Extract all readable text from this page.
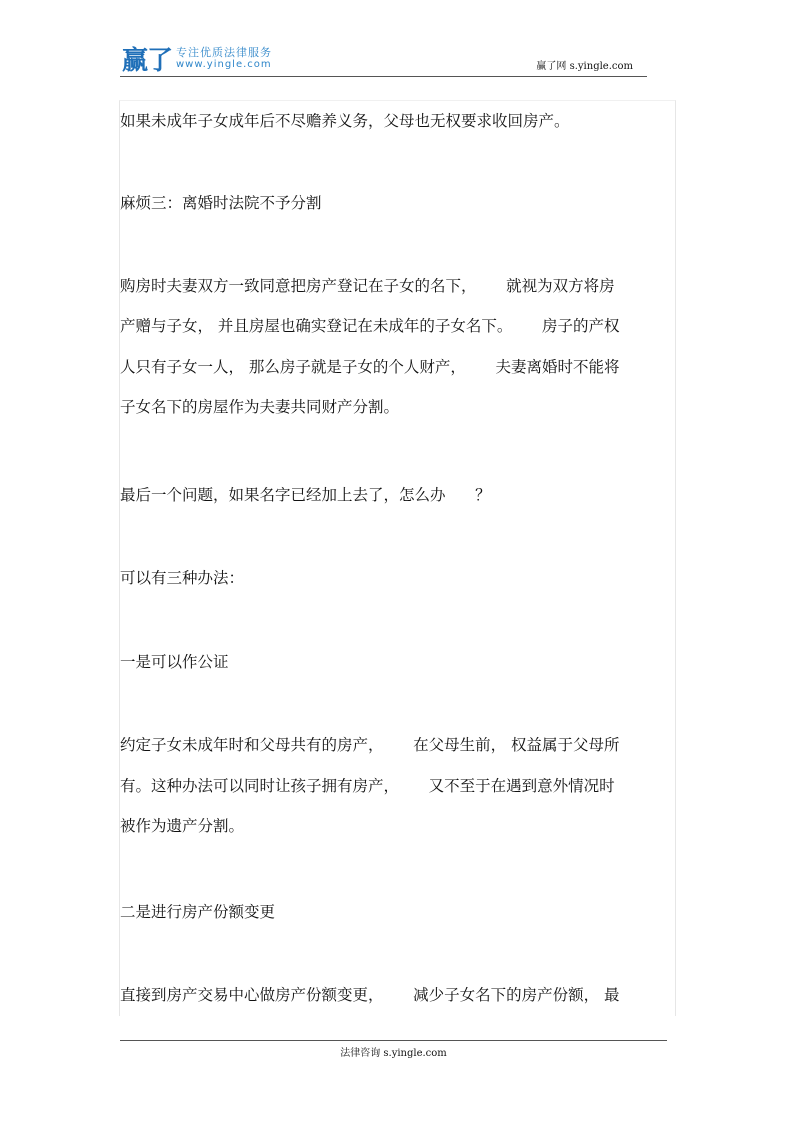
赢了 专注优质法律服务
www.yingle.com	赢了网 s.yingle.com
如果未成年子女成年后不尽赡养义务，父母也无权要求收回房产。
麻烦三：离婚时法院不予分割
购房时夫妻双方一致同意把房产登记在子女的名下，      就视为双方将房
产赠与子女， 并且房屋也确实登记在未成年的子女名下。      房子的产权
人只有子女一人， 那么房子就是子女的个人财产，      夫妻离婚时不能将
子女名下的房屋作为夫妻共同财产分割。
最后一个问题，如果名字已经加上去了，怎么办      ？
可以有三种办法：
一是可以作公证
约定子女未成年时和父母共有的房产，      在父母生前， 权益属于父母所
有。这种办法可以同时让孩子拥有房产，      又不至于在遇到意外情况时
被作为遗产分割。
二是进行房产份额变更
直接到房产交易中心做房产份额变更，      减少子女名下的房产份额， 最
法律咨询 s.yingle.com
